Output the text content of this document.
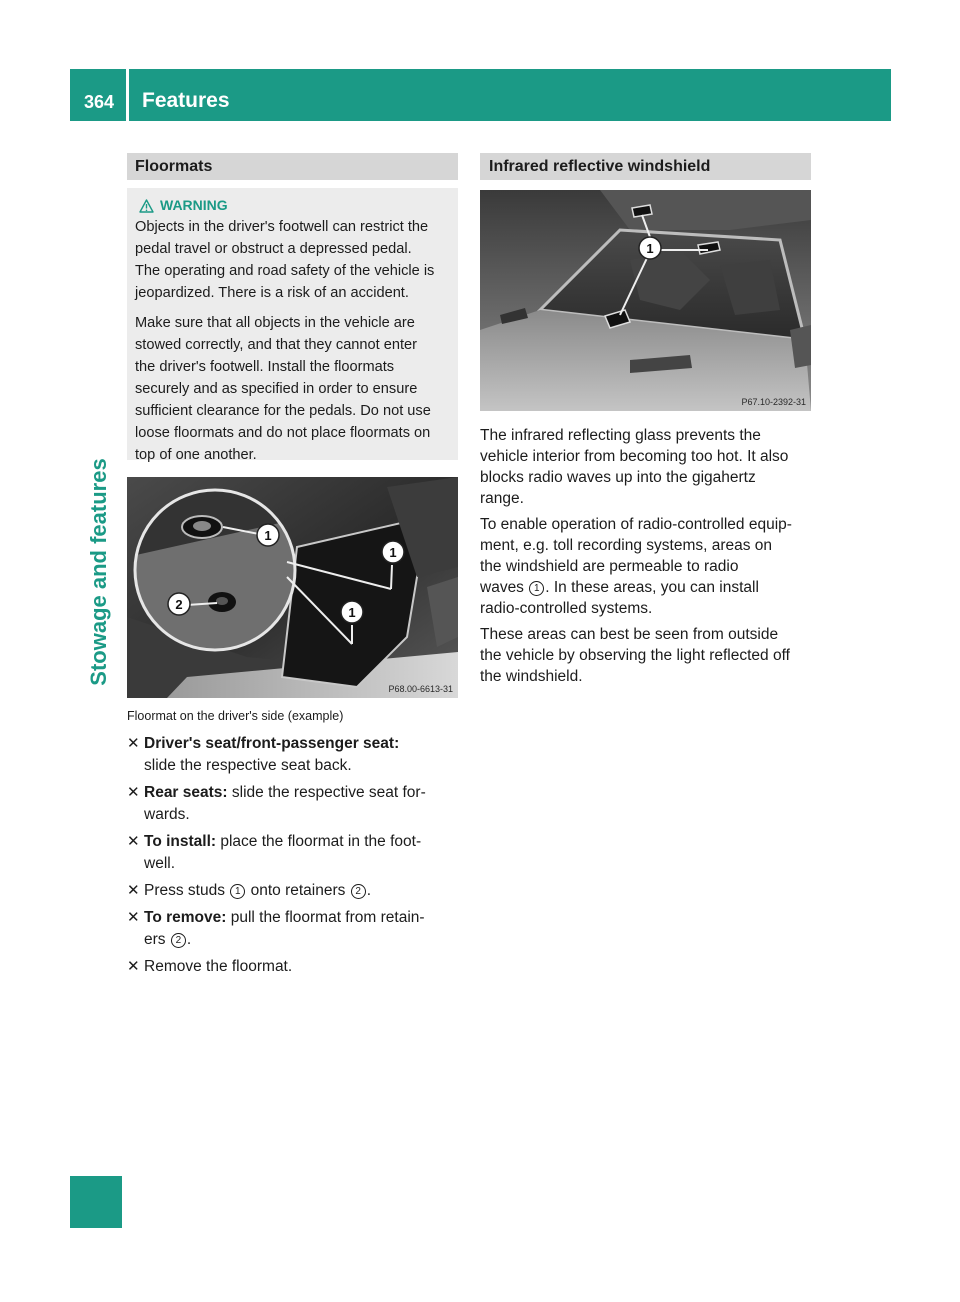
364 Features
Stowage and features
Floormats
WARNING

Objects in the driver's footwell can restrict the
pedal travel or obstruct a depressed pedal.
The operating and road safety of the vehicle is
jeopardized. There is a risk of an accident.

Make sure that all objects in the vehicle are
stowed correctly, and that they cannot enter
the driver's footwell. Install the floormats
securely and as specified in order to ensure
sufficient clearance for the pedals. Do not use
loose floormats and do not place floormats on
top of one another.

1
1
1
2
P68.00-6613-31
Floormat on the driver's side (example)
✕ Driver's seat/front-passenger seat:
slide the respective seat back.
✕ Rear seats: slide the respective seat for-
wards.
✕ To install: place the floormat in the foot-
well.
✕ Press studs 1 onto retainers 2 .
✕ To remove: pull the floormat from retain-
ers 2 .
✕ Remove the floormat.
Infrared reflective windshield
1
P67.10-2392-31

The infrared reflecting glass prevents the
vehicle interior from becoming too hot. It also
blocks radio waves up into the gigahertz
range.

To enable operation of radio-controlled equip-
ment, e.g. toll recording systems, areas on
the windshield are permeable to radio
waves 1 . In these areas, you can install
radio-controlled systems.

These areas can best be seen from outside
the vehicle by observing the light reflected off
the windshield.
